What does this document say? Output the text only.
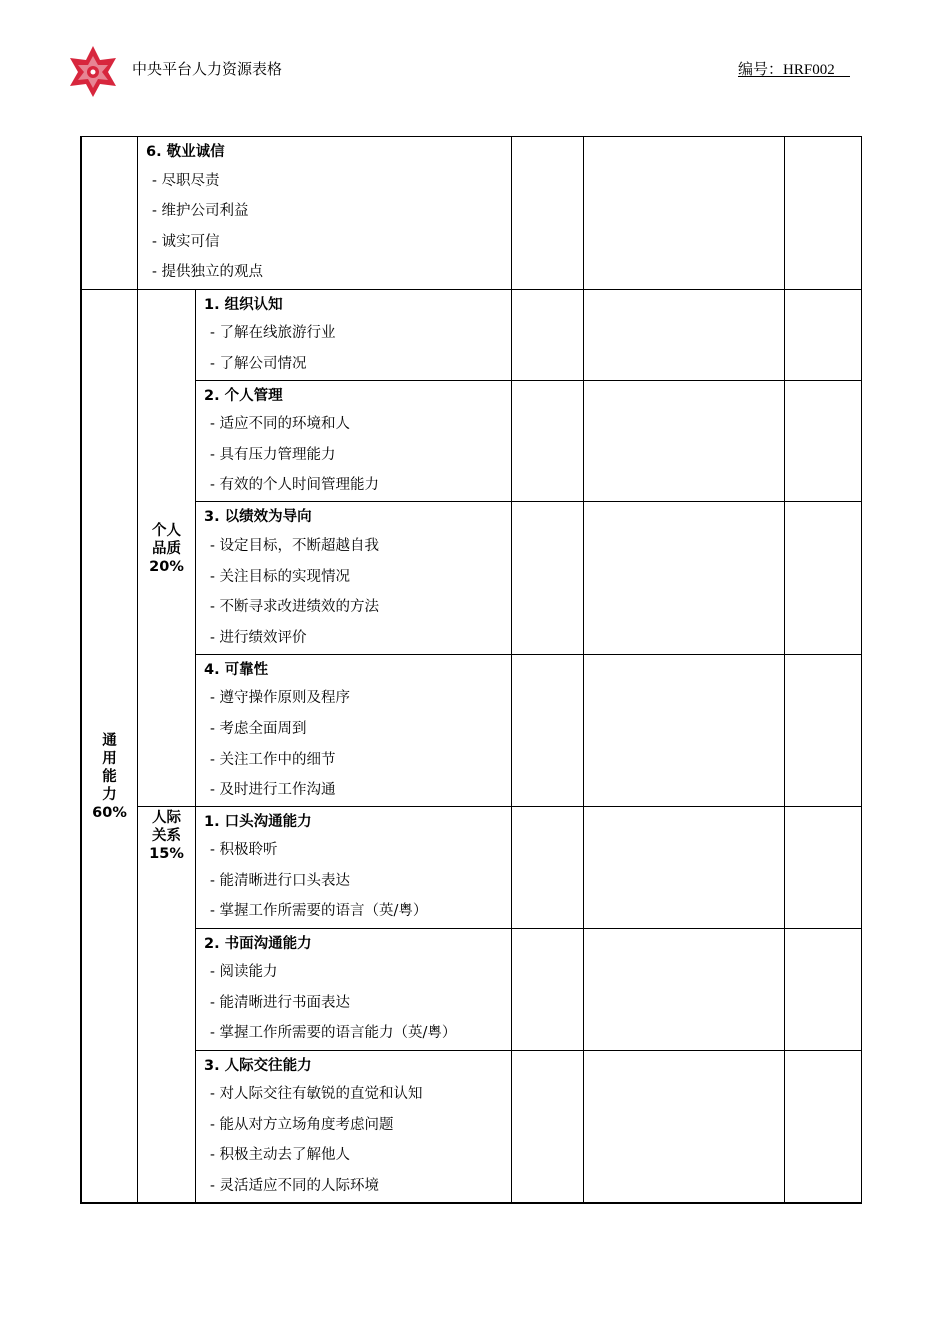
中央平台人力资源表格	编号：HRF002
6. 敬业诚信
- 尽职尽责
- 维护公司利益
- 诚实可信
- 提供独立的观点
通
用
能
力
60%
个人
品质
20%
人际
关系
15%
1. 组织认知
- 了解在线旅游行业
- 了解公司情况
2. 个人管理
- 适应不同的环境和人
- 具有压力管理能力
- 有效的个人时间管理能力
3. 以绩效为导向
- 设定目标，不断超越自我
- 关注目标的实现情况
- 不断寻求改进绩效的方法
- 进行绩效评价
4. 可靠性
- 遵守操作原则及程序
- 考虑全面周到
- 关注工作中的细节
- 及时进行工作沟通
1. 口头沟通能力
- 积极聆听
- 能清晰进行口头表达
- 掌握工作所需要的语言（英/粤）
2. 书面沟通能力
- 阅读能力
- 能清晰进行书面表达
- 掌握工作所需要的语言能力（英/粤）
3. 人际交往能力
- 对人际交往有敏锐的直觉和认知
- 能从对方立场角度考虑问题
- 积极主动去了解他人
- 灵活适应不同的人际环境
